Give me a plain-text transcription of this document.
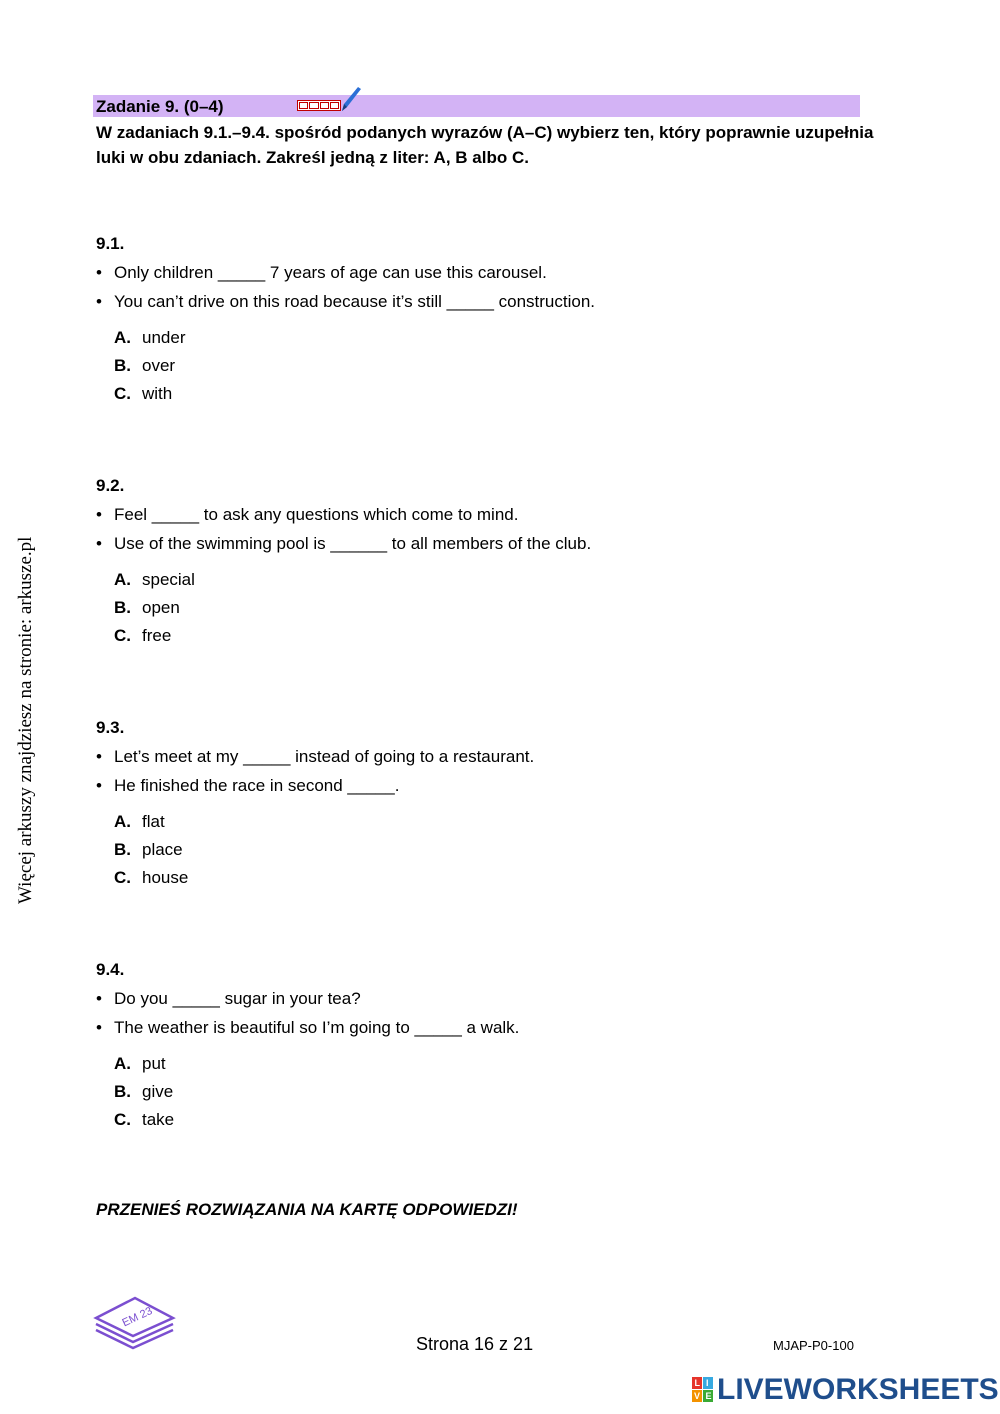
Zadanie 9. (0–4)
W zadaniach 9.1.–9.4. spośród podanych wyrazów (A–C) wybierz ten, który poprawnie uzupełnia luki w obu zdaniach. Zakreśl jedną z liter: A, B albo C.
Więcej arkuszy znajdziesz na stronie: arkusze.pl
9.1.
• Only children _____ 7 years of age can use this carousel.
• You can’t drive on this road because it’s still _____ construction.
A. under
B. over
C. with
9.2.
• Feel _____ to ask any questions which come to mind.
• Use of the swimming pool is ______ to all members of the club.
A. special
B. open
C. free
9.3.
• Let’s meet at my _____ instead of going to a restaurant.
• He finished the race in second _____.
A. flat
B. place
C. house
9.4.
• Do you _____ sugar in your tea?
• The weather is beautiful so I’m going to _____ a walk.
A. put
B. give
C. take
PRZENIEŚ ROZWIĄZANIA NA KARTĘ ODPOWIEDZI!
EM 23
Strona 16 z 21	MJAP-P0-100
L I
V E LIVEWORKSHEETS
